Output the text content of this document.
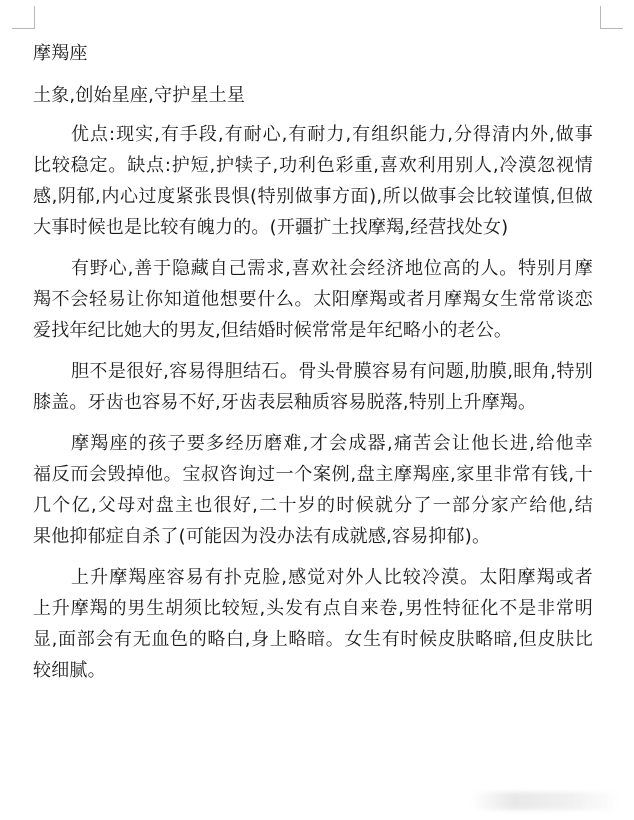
摩羯座
土象,创始星座,守护星土星
优点:现实,有手段,有耐心,有耐力,有组织能力,分得清内外,做事
比较稳定。缺点:护短,护犊子,功利色彩重,喜欢利用别人,冷漠忽视情
感,阴郁,内心过度紧张畏惧(特别做事方面),所以做事会比较谨慎,但做
大事时候也是比较有魄力的。(开疆扩土找摩羯,经营找处女)
有野心,善于隐藏自己需求,喜欢社会经济地位高的人。特别月摩
羯不会轻易让你知道他想要什么。太阳摩羯或者月摩羯女生常常谈恋
爱找年纪比她大的男友,但结婚时候常常是年纪略小的老公。
胆不是很好,容易得胆结石。骨头骨膜容易有问题,肋膜,眼角,特别
膝盖。牙齿也容易不好,牙齿表层釉质容易脱落,特别上升摩羯。
摩羯座的孩子要多经历磨难,才会成器,痛苦会让他长进,给他幸
福反而会毁掉他。宝叔咨询过一个案例,盘主摩羯座,家里非常有钱,十
几个亿,父母对盘主也很好,二十岁的时候就分了一部分家产给他,结
果他抑郁症自杀了(可能因为没办法有成就感,容易抑郁)。
上升摩羯座容易有扑克脸,感觉对外人比较冷漠。太阳摩羯或者
上升摩羯的男生胡须比较短,头发有点自来卷,男性特征化不是非常明
显,面部会有无血色的略白,身上略暗。女生有时候皮肤略暗,但皮肤比
较细腻。
